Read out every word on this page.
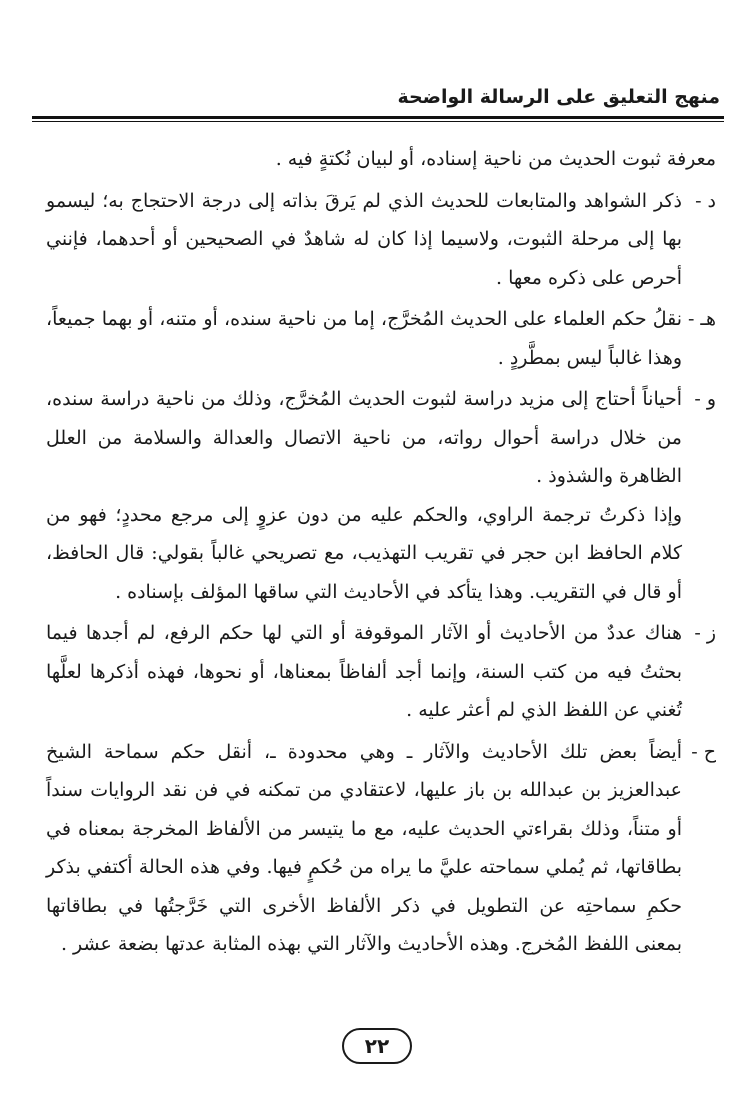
منهج التعليق على الرسالة الواضحة

معرفة ثبوت الحديث من ناحية إسناده، أو لبيان نُكتةٍ فيه .

د -

ذكر الشواهد والمتابعات للحديث الذي لم يَرقَ بذاته إلى درجة الاحتجاج به؛ ليسمو بها إلى مرحلة الثبوت، ولاسيما إذا كان له شاهدٌ في الصحيحين أو أحدهما، فإنني أحرص على ذكره معها .

هـ -

نقلُ حكم العلماء على الحديث المُخرَّج، إما من ناحية سنده، أو متنه، أو بهما جميعاً، وهذا غالباً ليس بمطَّردٍ .

و -

أحياناً أحتاج إلى مزيد دراسة لثبوت الحديث المُخرَّج، وذلك من ناحية دراسة سنده، من خلال دراسة أحوال رواته، من ناحية الاتصال والعدالة والسلامة من العلل الظاهرة والشذوذ .

وإذا ذكرتُ ترجمة الراوي، والحكم عليه من دون عزوٍ إلى مرجع محددٍ؛ فهو من كلام الحافظ ابن حجر في تقريب التهذيب، مع تصريحي غالباً بقولي: قال الحافظ، أو قال في التقريب. وهذا يتأكد في الأحاديث التي ساقها المؤلف بإسناده .

ز -

هناك عددٌ من الأحاديث أو الآثار الموقوفة أو التي لها حكم الرفع، لم أجدها فيما بحثتُ فيه من كتب السنة، وإنما أجد ألفاظاً بمعناها، أو نحوها، فهذه أذكرها لعلَّها تُغني عن اللفظ الذي لم أعثر عليه .

ح -

أيضاً بعض تلك الأحاديث والآثار ـ وهي محدودة ـ، أنقل حكم سماحة الشيخ عبدالعزيز بن عبدالله بن باز عليها، لاعتقادي من تمكنه في فن نقد الروايات سنداً أو متناً، وذلك بقراءتي الحديث عليه، مع ما يتيسر من الألفاظ المخرجة بمعناه في بطاقاتها، ثم يُملي سماحته عليَّ ما يراه من حُكمٍ فيها. وفي هذه الحالة أكتفي بذكر حكمِ سماحتِه عن التطويل في ذكر الألفاظ الأخرى التي خَرَّجتُها في بطاقاتها بمعنى اللفظ المُخرج. وهذه الأحاديث والآثار التي بهذه المثابة عدتها بضعة عشر .

٢٢
